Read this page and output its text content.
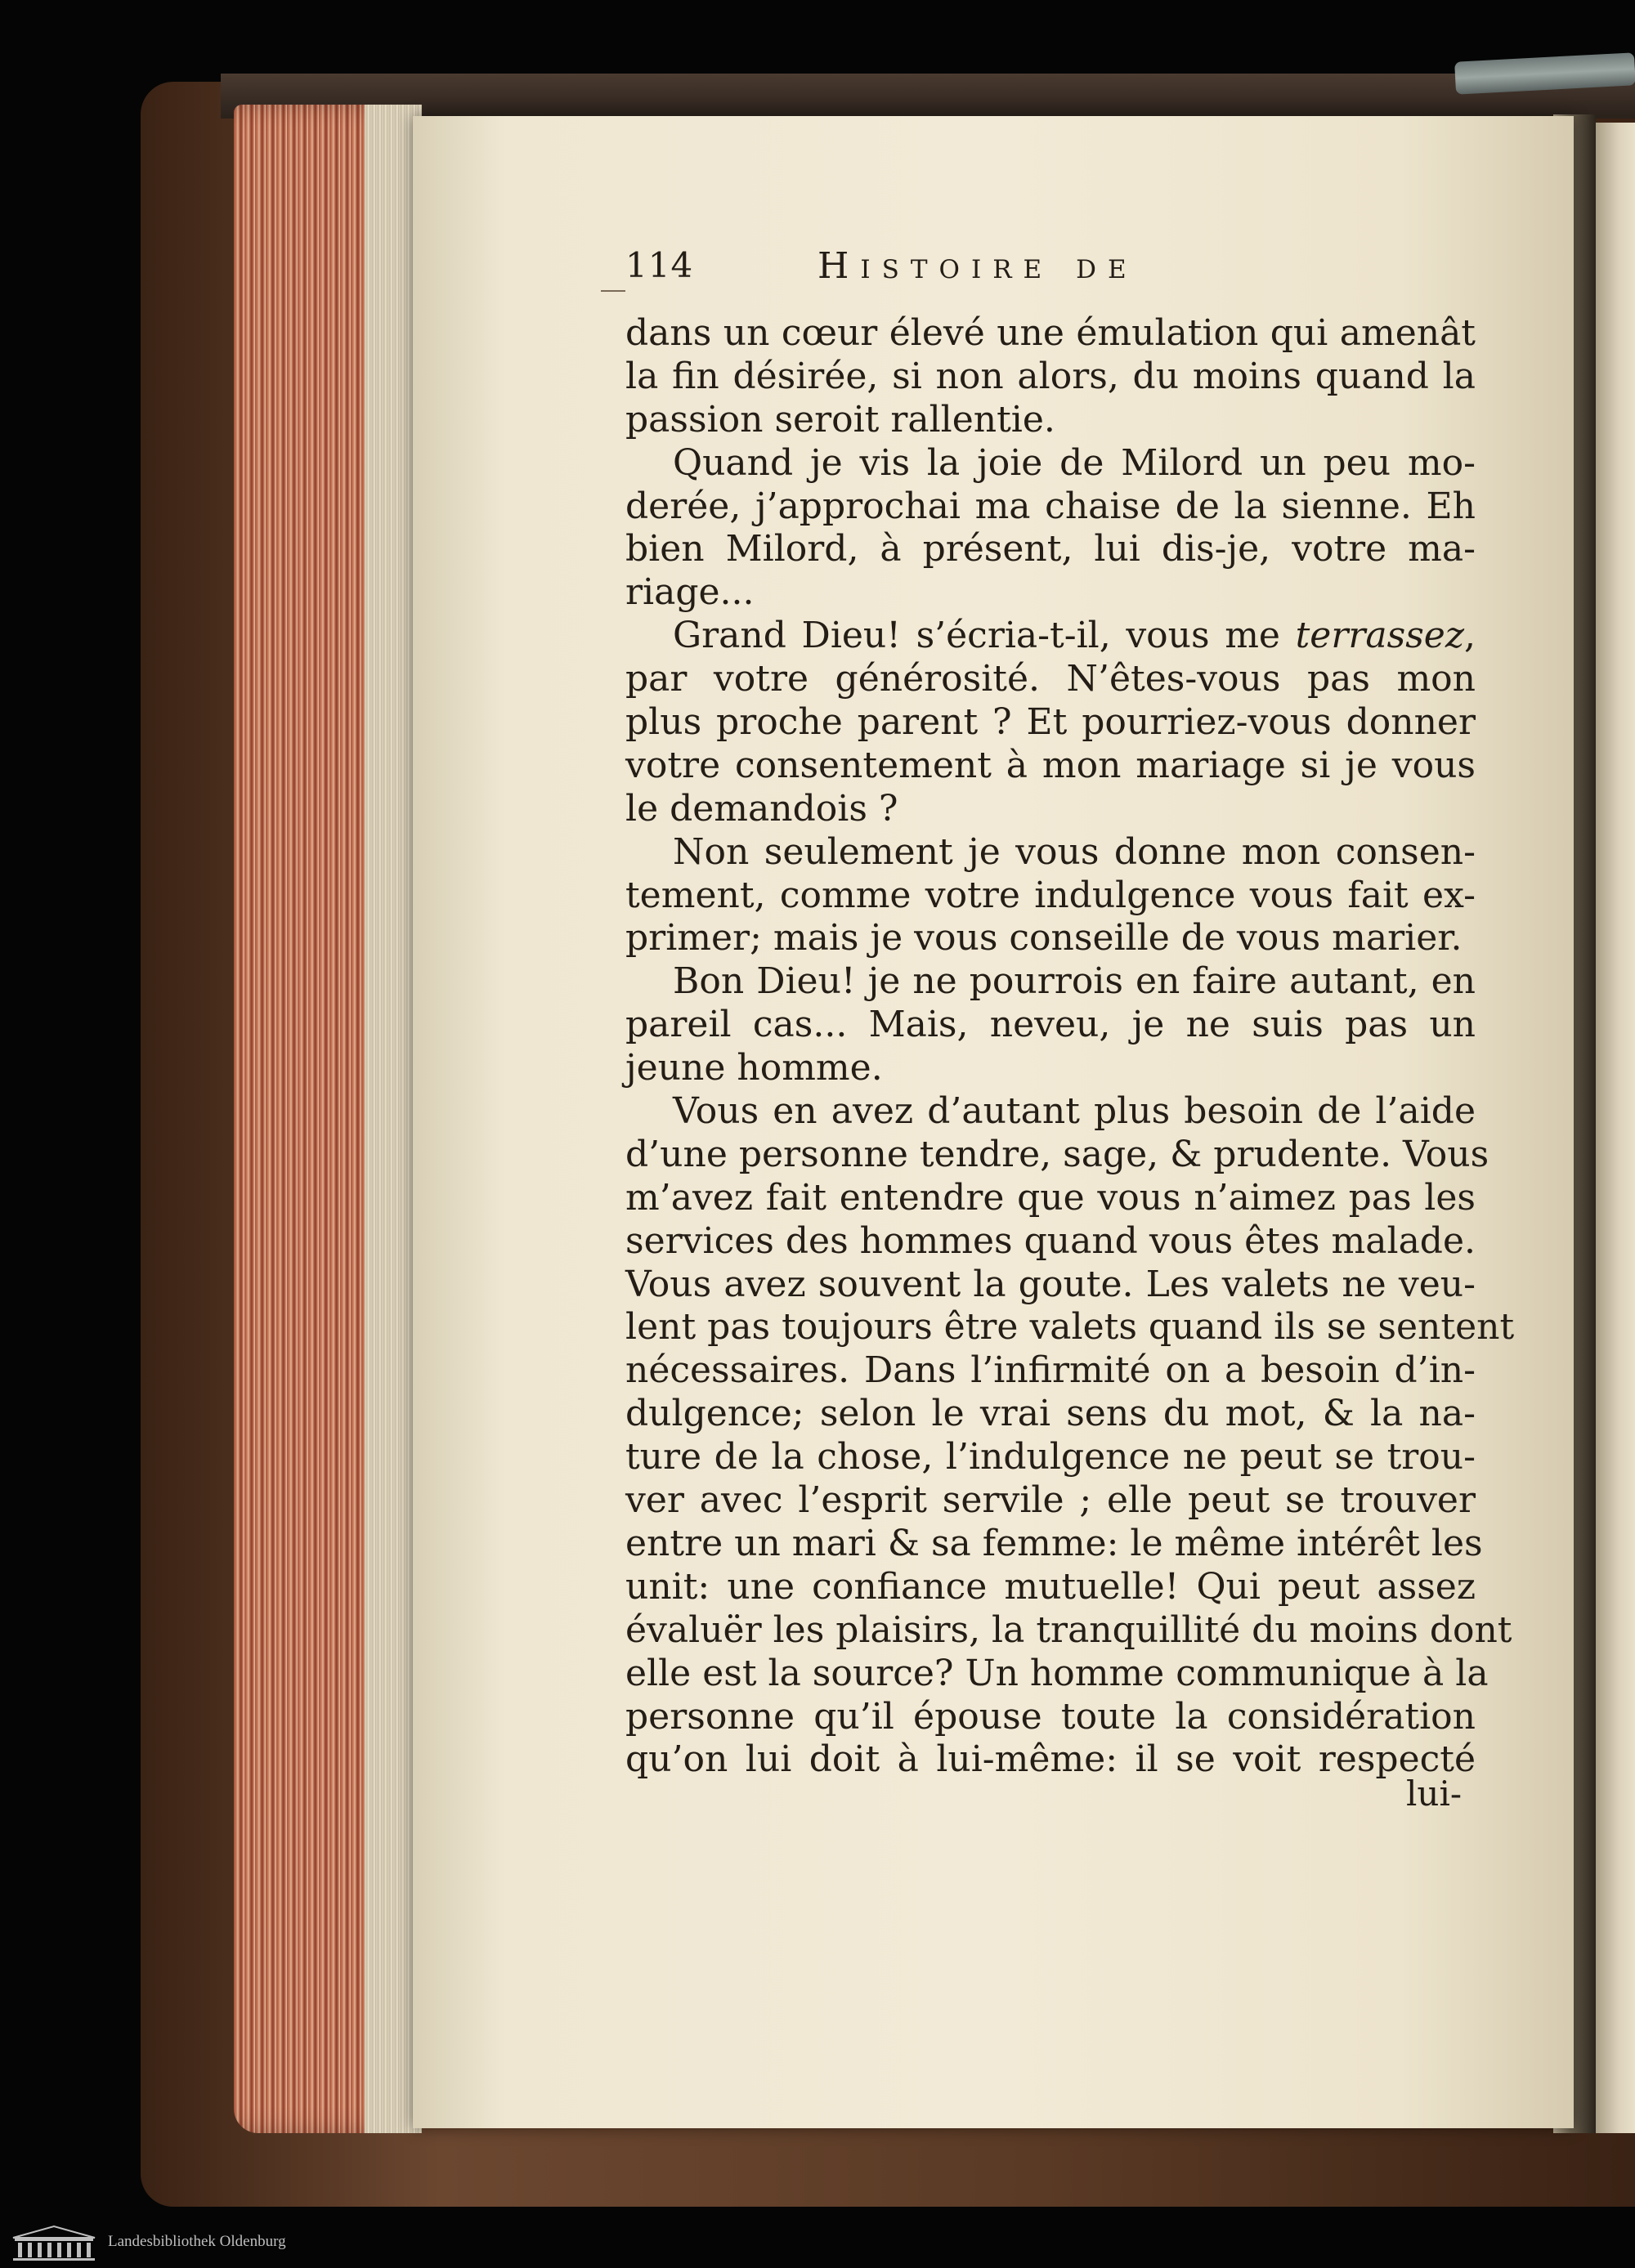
114	Histoire de
dans un cœur élevé une émulation qui amenât
la fin désirée, si non alors, du moins quand la
passion seroit rallentie.
Quand je vis la joie de Milord un peu mo-
derée, j’approchai ma chaise de la sienne. Eh
bien Milord, à présent, lui dis-je, votre ma-
riage...
Grand Dieu! s’écria-t-il, vous me terrassez,
par votre générosité. N’êtes-vous pas mon
plus proche parent ? Et pourriez-vous donner
votre consentement à mon mariage si je vous
le demandois ?
Non seulement je vous donne mon consen-
tement, comme votre indulgence vous fait ex-
primer; mais je vous conseille de vous marier.
Bon Dieu! je ne pourrois en faire autant, en
pareil cas... Mais, neveu, je ne suis pas un
jeune homme.
Vous en avez d’autant plus besoin de l’aide
d’une personne tendre, sage, & prudente. Vous
m’avez fait entendre que vous n’aimez pas les
services des hommes quand vous êtes malade.
Vous avez souvent la goute. Les valets ne veu-
lent pas toujours être valets quand ils se sentent
nécessaires. Dans l’infirmité on a besoin d’in-
dulgence; selon le vrai sens du mot, & la na-
ture de la chose, l’indulgence ne peut se trou-
ver avec l’esprit servile ; elle peut se trouver
entre un mari & sa femme: le même intérêt les
unit: une confiance mutuelle! Qui peut assez
évaluër les plaisirs, la tranquillité du moins dont
elle est la source? Un homme communique à la
personne qu’il épouse toute la considération
qu’on lui doit à lui-même: il se voit respecté
lui-
Landesbibliothek Oldenburg
